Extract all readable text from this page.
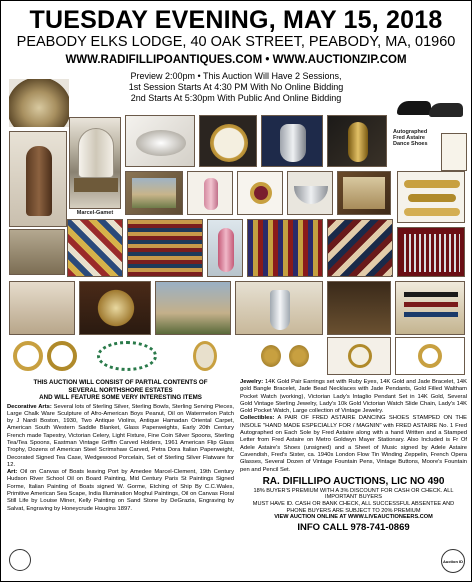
TUESDAY EVENING, MAY 15, 2018
PEABODY ELKS LODGE, 40 OAK STREET, PEABODY, MA, 01960
WWW.RADIFILLIPOANTIQUES.COM • WWW.AUCTIONZIP.COM
Preview 2:00pm • This Auction Will Have 2 Sessions,
1st Session Starts At 4:30 PM With No Online Bidding
2nd Starts At 5:30pm With Public And Online Bidding
Marcel-Gamet
Autographed Fred Astaire Dance Shoes
THIS AUCTION WILL CONSIST OF PARTIAL CONTENTS OF
SEVERAL NORTHSHORE ESTATES
AND WILL FEATURE SOME VERY INTERESTING ITEMS

Decorative Arts: Several lots of Sterling Silver, Sterling Bowls, Sterling Serving Pieces, Large Chalk Ware Sculpture of Afro-American Boys Peanut, Oil on Watermelon Patch by J Nardi Boston, 1930, Two Antique Violins, Antique Hamadan Oriental Carpet, American South Western Saddle Blanket, Glass Paperweights, Early 20th Century French made Tapestry, Victorian Celery, Light Fixture, Fine Coin Silver Spoons, Sterling Tea/Tea Spoons, Eastman Vintage Griffin Carved Holders, 1961 American Flip Glass Trophy, Dozens of American Steel Scrimshaw Carved, Petra Dora Italian Paperweight, Decorated Signed Tea Case, Wedgewood Porcelain, Set of Sterling Silver Flatware for 12.

Art: Oil on Canvas of Boats leaving Port by Amedee Marcel-Clement, 19th Century Hudson River School Oil on Board Painting, Mid Century Paris St Paintings Signed Forme, Italian Painting of Boats signed W. Gorme, Etching of Ship By C.C.Wales, Primitive American Sea Scape, India Illumination Moghul Paintings, Oil on Canvas Floral Still Life by Louise Miner, Kelly Painting on Sand Stone by DeGrazia, Engraving by Salvat, Engraving by Honeycrude Hougins 1897.

Jewelry: 14K Gold Pair Earrings set with Ruby Eyes, 14K Gold and Jade Bracelet, 14K gold Bangle Bracelet, Jade Bead Necklaces with Jade Pendants, Gold Filled Waltham Pocket Watch (working), Victorian Lady's Intaglio Pendant Set in 14K Gold, Several Gold Vintage Sterling Jewelry, Lady's 10k Gold Victorian Watch Slide Chain, Lady's 14K Gold Pocket Watch, Large collection of Vintage Jewelry.

Collectibles: A PAIR OF FRED ASTAIRE DANCING SHOES STAMPED ON THE INSOLE "HAND MADE ESPECIALLY FOR / MAGNIN" with FRED ASTAIRE No. 1 Fred Autographed on Each Sole by Fred Astaire along with a hand Written and a Stamped Letter from Fred Astaire on Metro Goldwyn Mayer Stationary. Also Included is Fr Of Adele Astaire's Shoes (unsigned) and a Sheet of Music signed by Adele Astaire Cavendish, Fred's Sister, ca. 1940s London Flow Tin Winding Zeppelin, French Opera Glasses, Several Dozen of Vintage Fountain Pens, Vintage Buttons, Moore's Fountain pen and Pencil Set.

RA. DIFILLIPO AUCTIONS, LIC NO 490
18% BUYER'S PREMIUM WITH A 3% DISCOUNT FOR CASH OR CHECK. ALL IMPORTANT BUYERS
MUST HAVE ID. CASH OR BANK CHECK, ALL SUCCESSFUL ABSENTEE AND
PHONE BUYERS ARE SUBJECT TO 20% PREMIUM
VIEW AUCTION ONLINE AT WWW.LIVEAUCTIONEERS.COM
INFO CALL 978-741-0869
Auction ID
